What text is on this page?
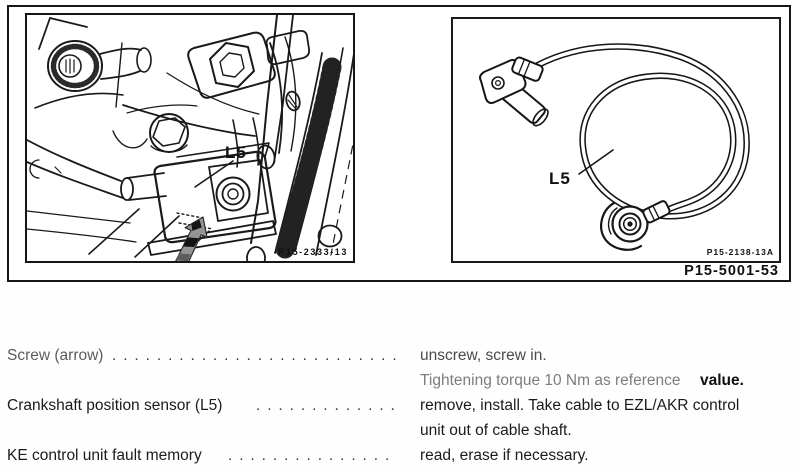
L5
P15-2333-13
L5
P15-2138-13A
P15-5001-53
Screw (arrow) . . . . . . . . . . . . . . . . . . . . . . . . . . unscrew, screw in.
Tightening torque 10 Nm as reference value.
Crankshaft position sensor (L5) . . . . . . . . . . . . . remove, install. Take cable to EZL/AKR control
unit out of cable shaft.
KE control unit fault memory . . . . . . . . . . . . . . . read, erase if necessary.
